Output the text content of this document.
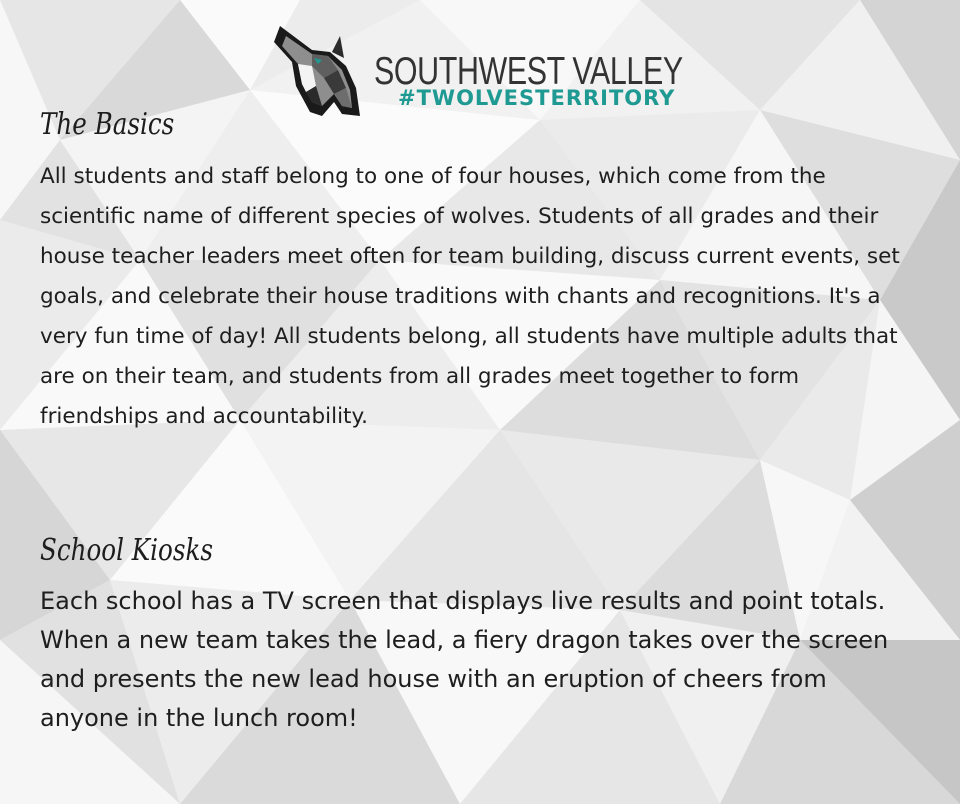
SOUTHWEST VALLEY
#TWOLVESTERRITORY
The Basics

All students and staff belong to one of four houses, which come from the scientific name of different species of wolves. Students of all grades and their house teacher leaders meet often for team building, discuss current events, set goals, and celebrate their house traditions with chants and recognitions. It's a very fun time of day! All students belong, all students have multiple adults that are on their team, and students from all grades meet together to form friendships and accountability.

School Kiosks

Each school has a TV screen that displays live results and point totals. When a new team takes the lead, a fiery dragon takes over the screen and presents the new lead house with an eruption of cheers from anyone in the lunch room!
